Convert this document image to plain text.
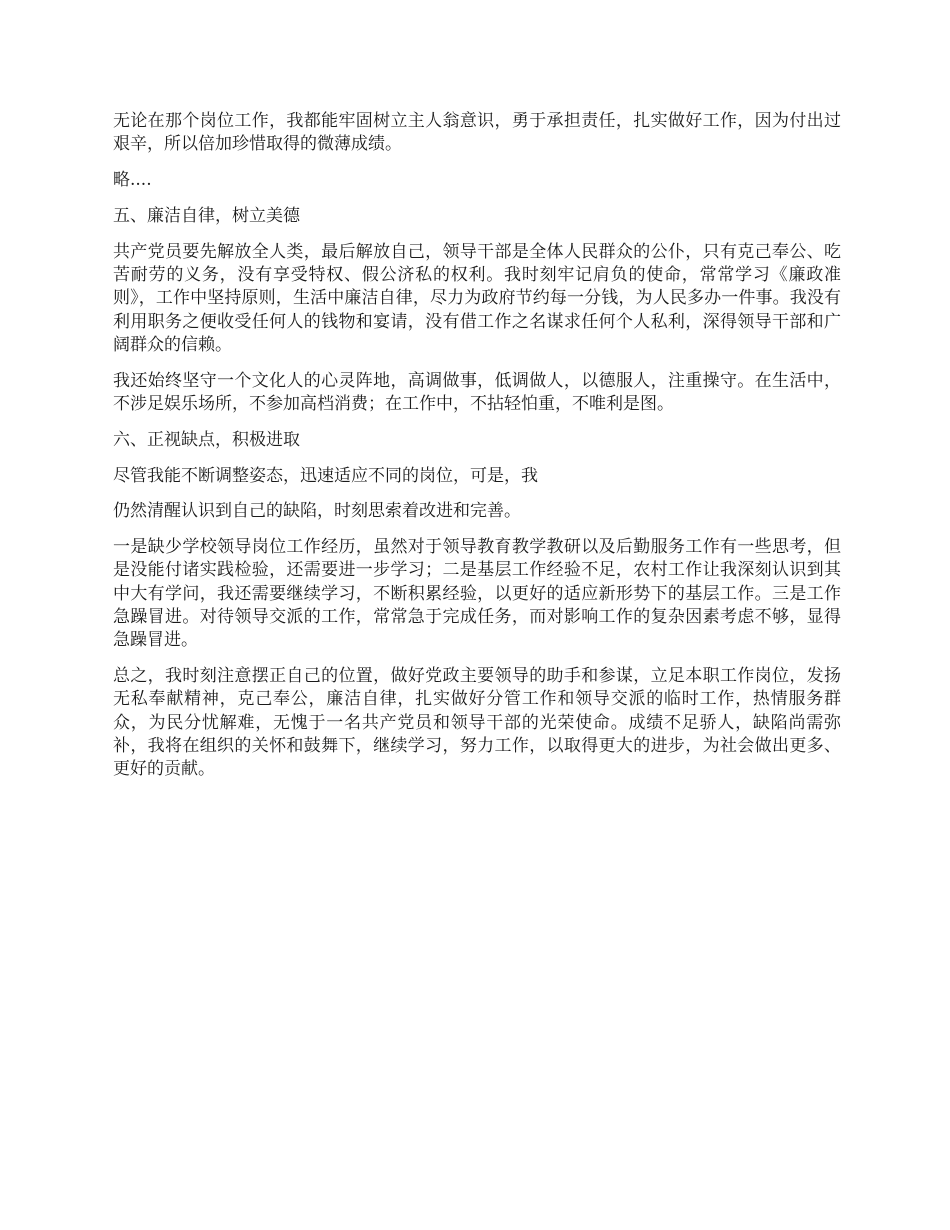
无论在那个岗位工作，我都能牢固树立主人翁意识，勇于承担责任，扎实做好工作，因为付出过艰辛，所以倍加珍惜取得的微薄成绩。

略....

五、廉洁自律，树立美德

共产党员要先解放全人类，最后解放自己，领导干部是全体人民群众的公仆，只有克己奉公、吃苦耐劳的义务，没有享受特权、假公济私的权利。我时刻牢记肩负的使命，常常学习《廉政准则》，工作中坚持原则，生活中廉洁自律，尽力为政府节约每一分钱，为人民多办一件事。我没有利用职务之便收受任何人的钱物和宴请，没有借工作之名谋求任何个人私利，深得领导干部和广阔群众的信赖。

我还始终坚守一个文化人的心灵阵地，高调做事，低调做人，以德服人，注重操守。在生活中，不涉足娱乐场所，不参加高档消费；在工作中，不拈轻怕重，不唯利是图。

六、正视缺点，积极进取

尽管我能不断调整姿态，迅速适应不同的岗位，可是，我

仍然清醒认识到自己的缺陷，时刻思索着改进和完善。

一是缺少学校领导岗位工作经历，虽然对于领导教育教学教研以及后勤服务工作有一些思考，但是没能付诸实践检验，还需要进一步学习；二是基层工作经验不足，农村工作让我深刻认识到其中大有学问，我还需要继续学习，不断积累经验，以更好的适应新形势下的基层工作。三是工作急躁冒进。对待领导交派的工作，常常急于完成任务，而对影响工作的复杂因素考虑不够，显得急躁冒进。

总之，我时刻注意摆正自己的位置，做好党政主要领导的助手和参谋，立足本职工作岗位，发扬无私奉献精神，克己奉公，廉洁自律，扎实做好分管工作和领导交派的临时工作，热情服务群众，为民分忧解难，无愧于一名共产党员和领导干部的光荣使命。成绩不足骄人，缺陷尚需弥补，我将在组织的关怀和鼓舞下，继续学习，努力工作，以取得更大的进步，为社会做出更多、更好的贡献。
